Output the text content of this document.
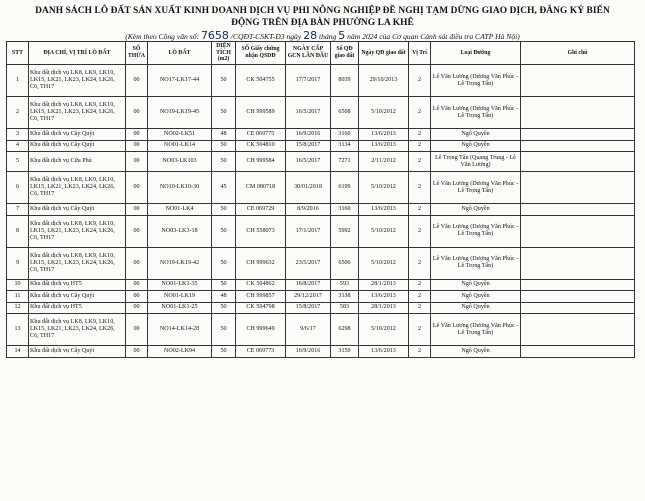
DANH SÁCH LÔ ĐẤT SẢN XUẤT KINH DOANH DỊCH VỤ PHI NÔNG NGHIỆP ĐỀ NGHỊ TẠM DỪNG GIAO DỊCH, ĐĂNG KÝ BIẾN
ĐỘNG TRÊN ĐỊA BÀN PHƯỜNG LA KHÊ
(Kèm theo Công văn số: 7658 /CQĐT-CSKT-Đ3 ngày 28 tháng 5 năm 2024 của Cơ quan Cảnh sát điều tra CATP Hà Nội)
STT	ĐỊA CHỈ, VỊ TRÍ LÔ ĐẤT	SỐ THỬA	LÔ ĐẤT	DIỆN TÍCH (m2)	SỐ Giấy chứng nhận QSDĐ	NGÀY CẤP GCN LẦN ĐẦU	Số QĐ giao đất	Ngày QĐ giao đất	Vị Trí	Loại Đường	Ghi chú
1	Khu đất dịch vụ LK8, LK9, LK10, LK15, LK21, LK23, LK24, LK26, C6, TH17	00	NO17-LK17-44	50	CK 504755	17/7/2017	8039	29/10/2013	2	Lê Văn Lương (Dương Văn Phúc - Lê Trọng Tấn)	
2	Khu đất dịch vụ LK8, LK9, LK10, LK15, LK21, LK23, LK24, LK26, C6, TH17	00	NO19-LK19-45	50	CH 999589	16/5/2017	6508	5/10/2012	2	Lê Văn Lương (Dương Văn Phúc - Lê Trọng Tấn)	
3	Khu đất dịch vụ Cây Quýt	00	NO02-LK51	48	CE 069775	16/9/2016	3160	13/6/2013	2	Ngô Quyền	
4	Khu đất dịch vụ Cây Quýt	00	NO01-LK14	50	CK 504810	15/8/2017	3134	13/6/2013	2	Ngô Quyền	
5	Khu đất dịch vụ Cửa Phủ	00	NO03-LK103	50	CH 999584	16/5/2017	7271	2/11/2012	2	Lê Trọng Tấn (Quang Trung - Lê Văn Lương)	
6	Khu đất dịch vụ LK8, LK9, LK10, LK15, LK21, LK23, LK24, LK26, C6, TH17	00	NO10-LK10-30	45	CM 080718	30/01/2018	6199	5/10/2012	2	Lê Văn Lương (Dương Văn Phúc - Lê Trọng Tấn)	
7	Khu đất dịch vụ Cây Quýt	00	NO01-LK4	50	CE 069729	8/9/2016	3160	13/6/2013	2	Ngô Quyền	
8	Khu đất dịch vụ LK8, LK9, LK10, LK15, LK21, LK23, LK24, LK26, C6, TH17	00	NO03-LK3-18	50	CH 558073	17/1/2017	5992	5/10/2012	2	Lê Văn Lương (Dương Văn Phúc - Lê Trọng Tấn)	
9	Khu đất dịch vụ LK8, LK9, LK10, LK15, LK21, LK23, LK24, LK26, C6, TH17	00	NO19-LK19-42	50	CH 999632	23/5/2017	6506	5/10/2012	2	Lê Văn Lương (Dương Văn Phúc - Lê Trọng Tấn)	
10	Khu đất dịch vụ HT5	00	NO01-LK1-35	50	CK 504862	16/8/2017	593	28/1/2013	2	Ngô Quyền	
11	Khu đất dịch vụ Cây Quýt	00	NO01-LK19	48	CH 999857	29/12/2017	3138	13/6/2013	2	Ngô Quyền	
12	Khu đất dịch vụ HT5	00	NO01-LK1-25	50	CK 504798	15/8/2017	583	28/1/2013	2	Ngô Quyền	
13	Khu đất dịch vụ LK8, LK9, LK10, LK15, LK21, LK23, LK24, LK26, C6, TH17	00	NO14-LK14-28	50	CH 999649	9/6/17	6298	5/10/2012	2	Lê Văn Lương (Dương Văn Phúc - Lê Trọng Tấn)	
14	Khu đất dịch vụ Cây Quýt	00	NO02-LK94	50	CE 069773	16/9/2016	3159	13/6/2013	2	Ngô Quyền	
